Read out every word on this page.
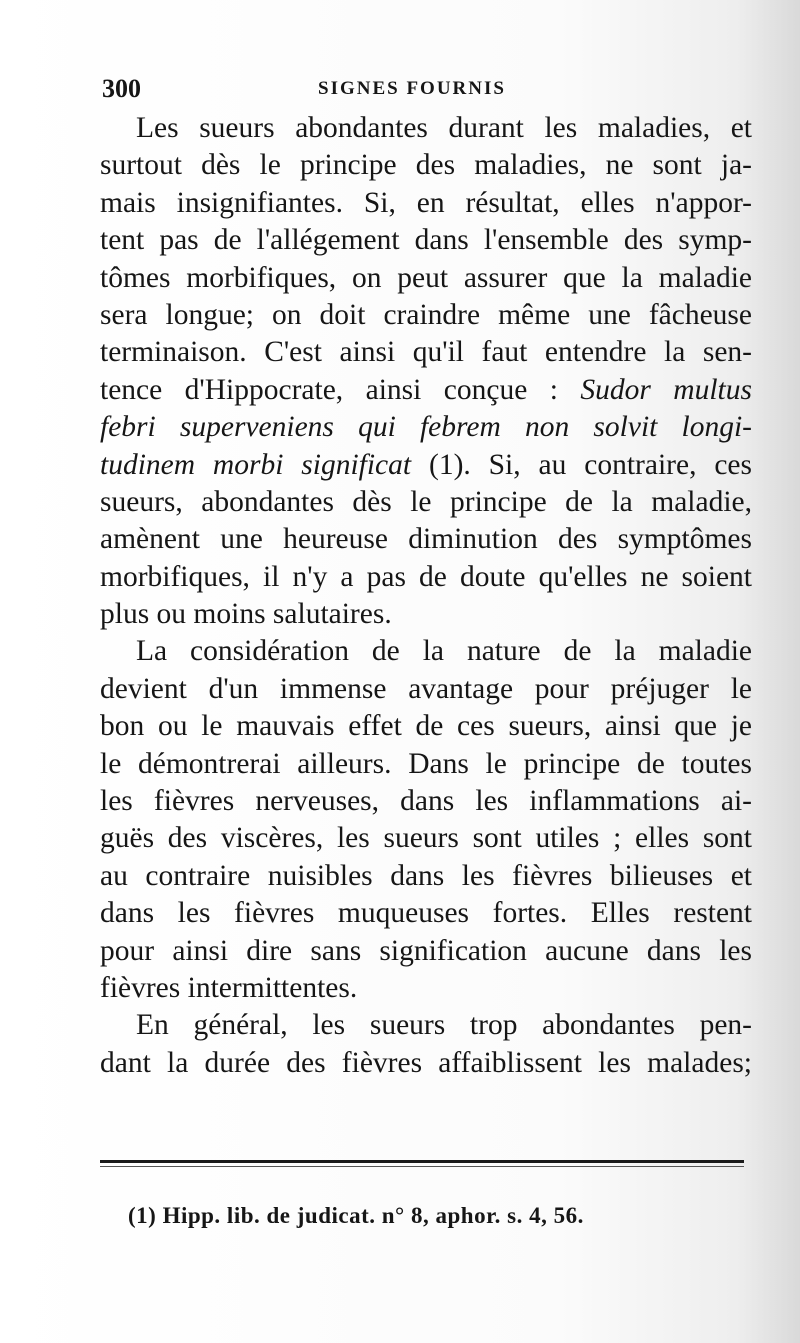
300	SIGNES FOURNIS
Les sueurs abondantes durant les maladies, et
surtout dès le principe des maladies, ne sont ja-
mais insignifiantes. Si, en résultat, elles n'appor-
tent pas de l'allégement dans l'ensemble des symp-
tômes morbifiques, on peut assurer que la maladie
sera longue; on doit craindre même une fâcheuse
terminaison. C'est ainsi qu'il faut entendre la sen-
tence d'Hippocrate, ainsi conçue : Sudor multus
febri superveniens qui febrem non solvit longi-
tudinem morbi significat (1). Si, au contraire, ces
sueurs, abondantes dès le principe de la maladie,
amènent une heureuse diminution des symptômes
morbifiques, il n'y a pas de doute qu'elles ne soient
plus ou moins salutaires.
La considération de la nature de la maladie
devient d'un immense avantage pour préjuger le
bon ou le mauvais effet de ces sueurs, ainsi que je
le démontrerai ailleurs. Dans le principe de toutes
les fièvres nerveuses, dans les inflammations ai-
guës des viscères, les sueurs sont utiles ; elles sont
au contraire nuisibles dans les fièvres bilieuses et
dans les fièvres muqueuses fortes. Elles restent
pour ainsi dire sans signification aucune dans les
fièvres intermittentes.
En général, les sueurs trop abondantes pen-
dant la durée des fièvres affaiblissent les malades;
(1) Hipp. lib. de judicat. n° 8, aphor. s. 4, 56.
